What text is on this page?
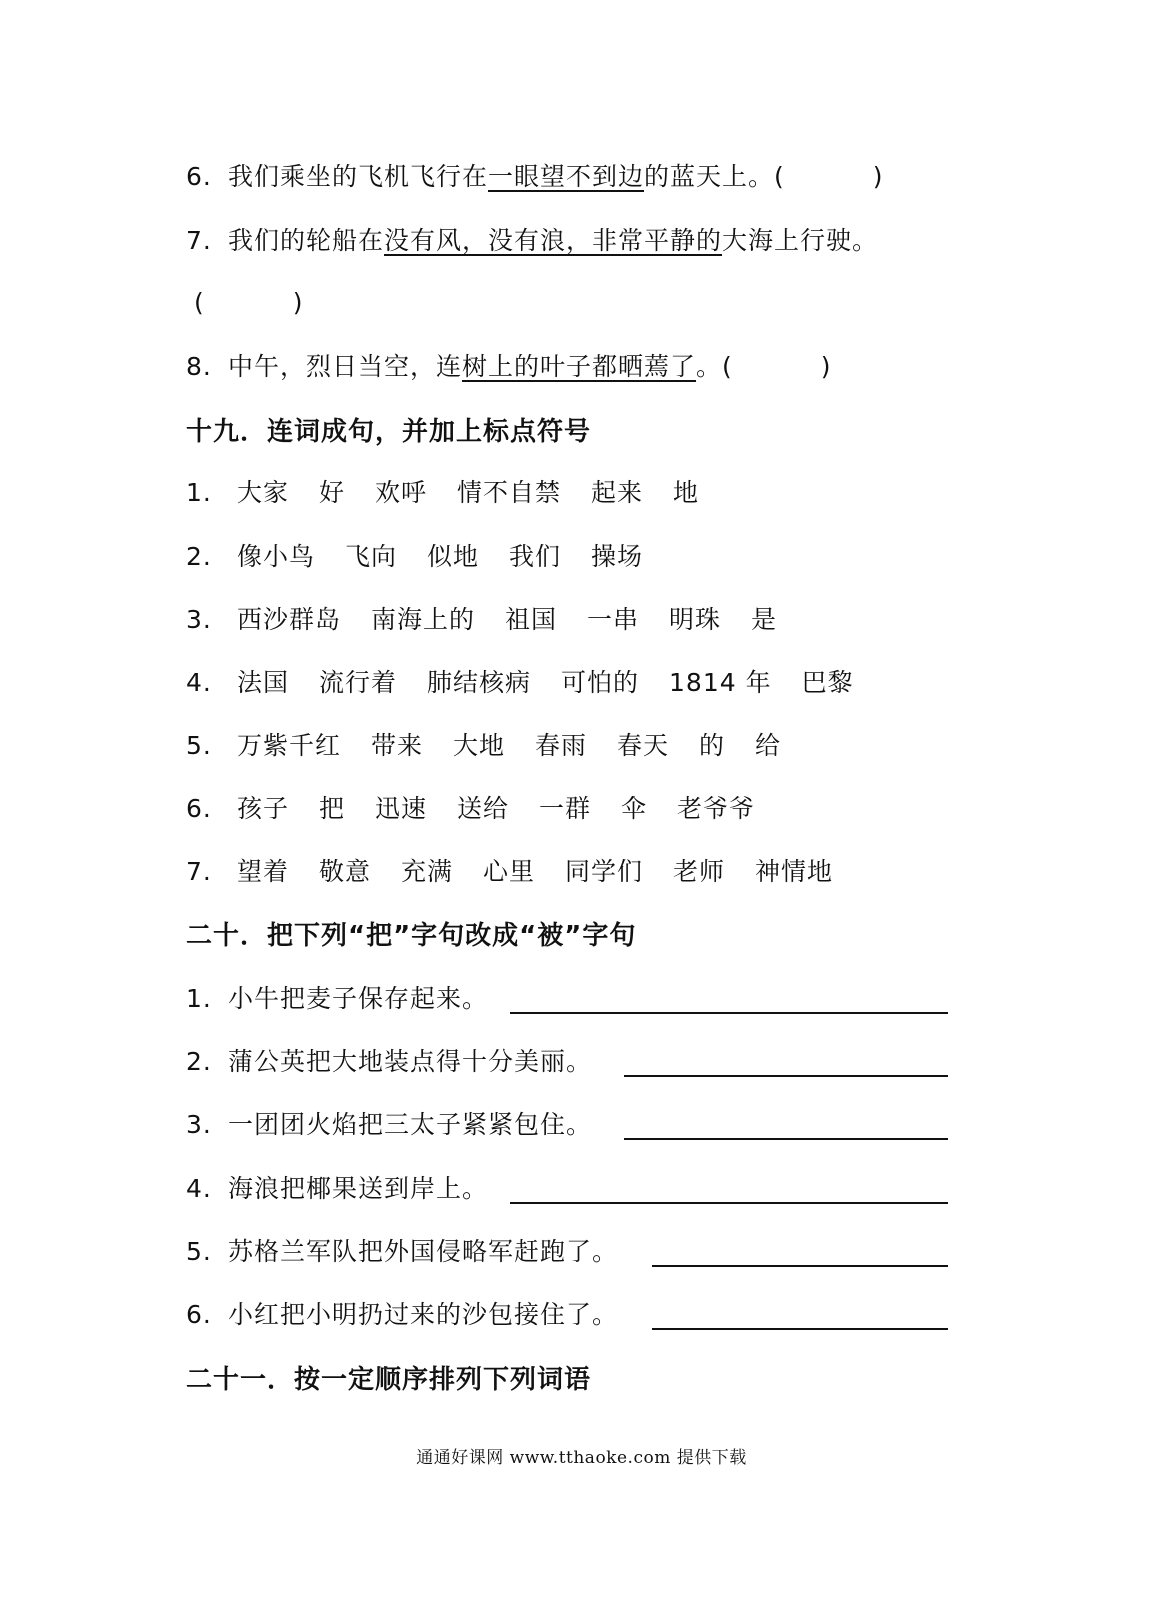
6. 我们乘坐的飞机飞行在一眼望不到边的蓝天上。(	)
7. 我们的轮船在没有风，没有浪，非常平静的大海上行驶。
(	)
8. 中午，烈日当空，连树上的叶子都晒蔫了。(	)
十九．连词成句，并加上标点符号
1. 大家 好 欢呼 情不自禁 起来 地
2. 像小鸟 飞向 似地 我们 操场
3. 西沙群岛 南海上的 祖国 一串 明珠 是
4. 法国 流行着 肺结核病 可怕的 1814 年 巴黎
5. 万紫千红 带来 大地 春雨 春天 的 给
6. 孩子 把 迅速 送给 一群 伞 老爷爷
7. 望着 敬意 充满 心里 同学们 老师 神情地
二十．把下列“把”字句改成“被”字句
1. 小牛把麦子保存起来。
2. 蒲公英把大地装点得十分美丽。
3. 一团团火焰把三太子紧紧包住。
4. 海浪把椰果送到岸上。
5. 苏格兰军队把外国侵略军赶跑了。
6. 小红把小明扔过来的沙包接住了。
二十一．按一定顺序排列下列词语
通通好课网 www.tthaoke.com 提供下载
